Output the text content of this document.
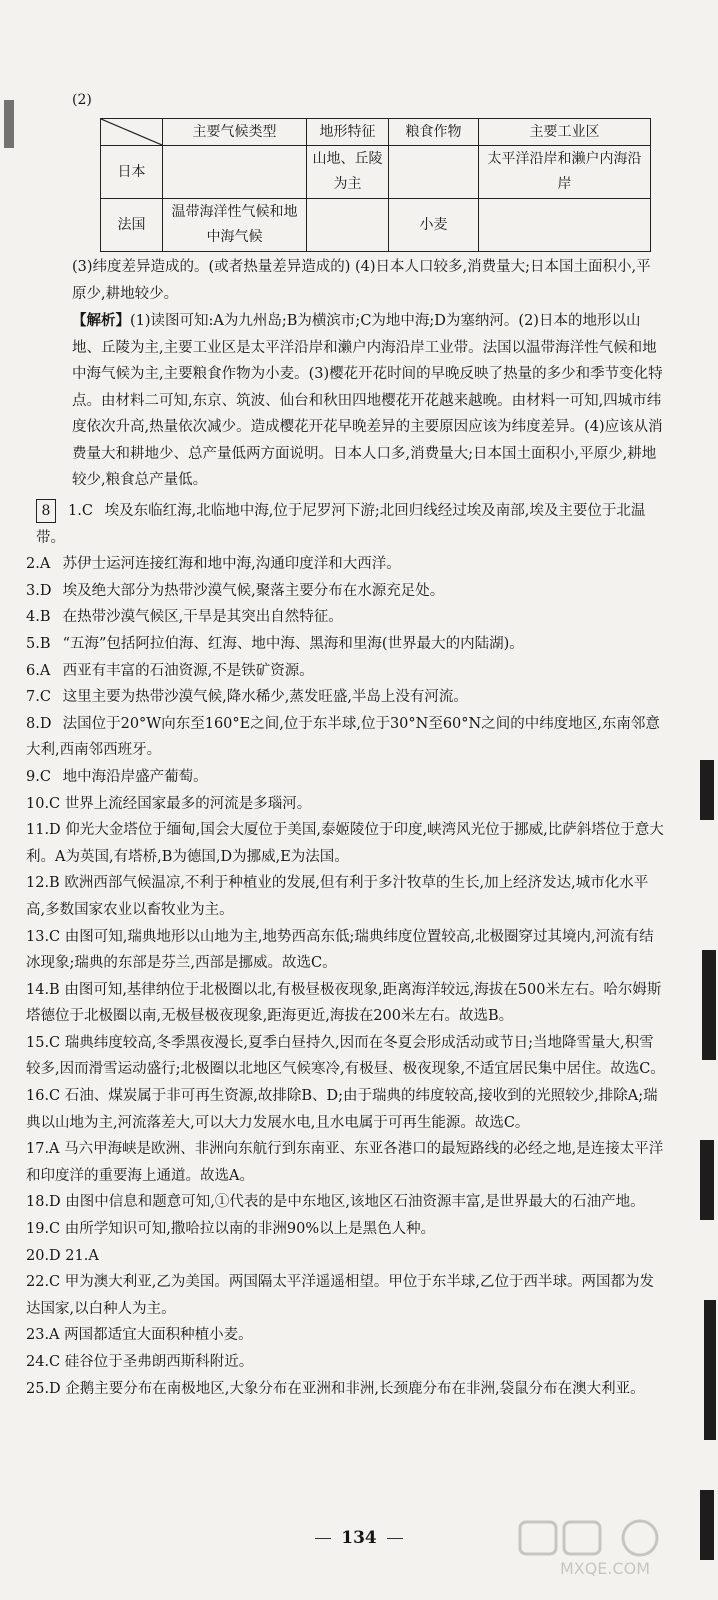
(2)
	主要气候类型	地形特征	粮食作物	主要工业区
日本		山地、丘陵为主		太平洋沿岸和濑户内海沿岸
法国	温带海洋性气候和地中海气候		小麦	
(3)纬度差异造成的。(或者热量差异造成的) (4)日本人口较多,消费量大;日本国土面积小,平原少,耕地较少。
【解析】(1)读图可知:A为九州岛;B为横滨市;C为地中海;D为塞纳河。(2)日本的地形以山地、丘陵为主,主要工业区是太平洋沿岸和濑户内海沿岸工业带。法国以温带海洋性气候和地中海气候为主,主要粮食作物为小麦。(3)樱花开花时间的早晚反映了热量的多少和季节变化特点。由材料二可知,东京、筑波、仙台和秋田四地樱花开花越来越晚。由材料一可知,四城市纬度依次升高,热量依次减少。造成樱花开花早晚差异的主要原因应该为纬度差异。(4)应该从消费量大和耕地少、总产量低两方面说明。日本人口多,消费量大;日本国土面积小,平原少,耕地较少,粮食总产量低。
8 1.C 埃及东临红海,北临地中海,位于尼罗河下游;北回归线经过埃及南部,埃及主要位于北温带。
2.A 苏伊士运河连接红海和地中海,沟通印度洋和大西洋。
3.D 埃及绝大部分为热带沙漠气候,聚落主要分布在水源充足处。
4.B 在热带沙漠气候区,干旱是其突出自然特征。
5.B “五海”包括阿拉伯海、红海、地中海、黑海和里海(世界最大的内陆湖)。
6.A 西亚有丰富的石油资源,不是铁矿资源。
7.C 这里主要为热带沙漠气候,降水稀少,蒸发旺盛,半岛上没有河流。
8.D 法国位于20°W向东至160°E之间,位于东半球,位于30°N至60°N之间的中纬度地区,东南邻意大利,西南邻西班牙。
9.C 地中海沿岸盛产葡萄。
10.C 世界上流经国家最多的河流是多瑙河。
11.D 仰光大金塔位于缅甸,国会大厦位于美国,泰姬陵位于印度,峡湾风光位于挪威,比萨斜塔位于意大利。A为英国,有塔桥,B为德国,D为挪威,E为法国。
12.B 欧洲西部气候温凉,不利于种植业的发展,但有利于多汁牧草的生长,加上经济发达,城市化水平高,多数国家农业以畜牧业为主。
13.C 由图可知,瑞典地形以山地为主,地势西高东低;瑞典纬度位置较高,北极圈穿过其境内,河流有结冰现象;瑞典的东部是芬兰,西部是挪威。故选C。
14.B 由图可知,基律纳位于北极圈以北,有极昼极夜现象,距离海洋较远,海拔在500米左右。哈尔姆斯塔德位于北极圈以南,无极昼极夜现象,距海更近,海拔在200米左右。故选B。
15.C 瑞典纬度较高,冬季黑夜漫长,夏季白昼持久,因而在冬夏会形成活动或节日;当地降雪量大,积雪较多,因而滑雪运动盛行;北极圈以北地区气候寒冷,有极昼、极夜现象,不适宜居民集中居住。故选C。
16.C 石油、煤炭属于非可再生资源,故排除B、D;由于瑞典的纬度较高,接收到的光照较少,排除A;瑞典以山地为主,河流落差大,可以大力发展水电,且水电属于可再生能源。故选C。
17.A 马六甲海峡是欧洲、非洲向东航行到东南亚、东亚各港口的最短路线的必经之地,是连接太平洋和印度洋的重要海上通道。故选A。
18.D 由图中信息和题意可知,①代表的是中东地区,该地区石油资源丰富,是世界最大的石油产地。
19.C 由所学知识可知,撒哈拉以南的非洲90%以上是黑色人种。
20.D 21.A
22.C 甲为澳大利亚,乙为美国。两国隔太平洋遥遥相望。甲位于东半球,乙位于西半球。两国都为发达国家,以白种人为主。
23.A 两国都适宜大面积种植小麦。
24.C 硅谷位于圣弗朗西斯科附近。
25.D 企鹅主要分布在南极地区,大象分布在亚洲和非洲,长颈鹿分布在非洲,袋鼠分布在澳大利亚。
134
MXQE.COM
